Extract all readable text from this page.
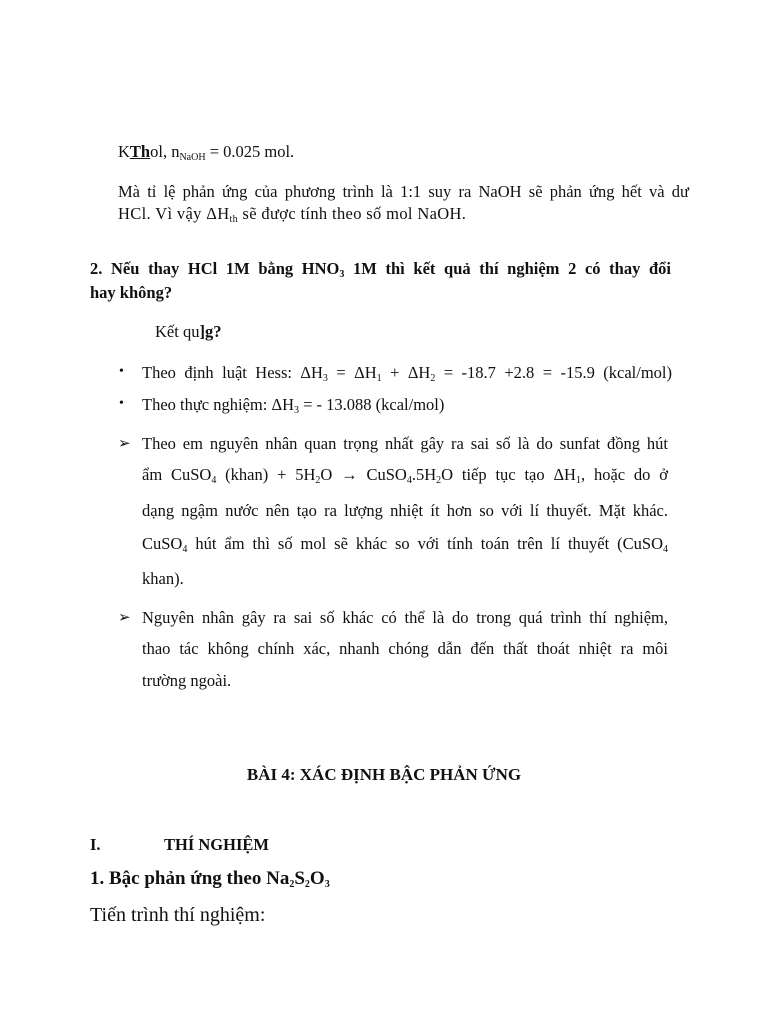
KThol, $n_{NaOH} = 0.025$ mol.
Mà tỉ lệ phản ứng của phương trình là 1:1 suy ra NaOH sẽ phản ứng hết và dư
HCl. Vì vậy $\Delta H_{th}$ sẽ được tính theo số mol NaOH.
2. Nếu thay HCl 1M bằng $HNO_3$ 1M thì kết quả thí nghiệm 2 có thay đổi
hay không?
Kết qu]g?
• Theo định luật Hess: $\Delta H_3 = \Delta H_1 + \Delta H_2 = -18.7 +2.8 = -15.9$ (kcal/mol)
• Theo thực nghiệm: $\Delta H_3$ = - 13.088 (kcal/mol)
➢ Theo em nguyên nhân quan trọng nhất gây ra sai số là do sunfat đồng hút
ẩm CuSO$_4$ (khan) + $5H_2O$ → $CuSO_4.5H_2O$ tiếp tục tạo $\Delta H_1$, hoặc do ở
dạng ngậm nước nên tạo ra lượng nhiệt ít hơn so với lí thuyết. Mặt khác.
CuSO$_4$ hút ẩm thì số mol sẽ khác so với tính toán trên lí thuyết (CuSO$_4$
khan).
➢ Nguyên nhân gây ra sai số khác có thể là do trong quá trình thí nghiệm,
thao tác không chính xác, nhanh chóng dẫn đến thất thoát nhiệt ra môi
trường ngoài.
BÀI 4: XÁC ĐỊNH BẬC PHẢN ỨNG
I.	THÍ NGHIỆM
1. Bậc phản ứng theo $Na_2S_2O_3$
Tiến trình thí nghiệm:
